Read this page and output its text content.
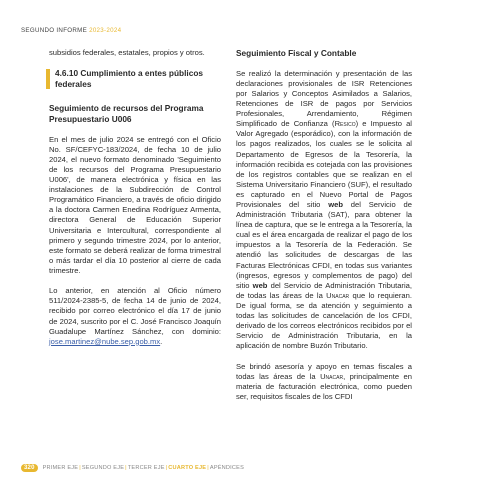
SEGUNDO INFORME 2023-2024

subsidios federales, estatales, propios y otros.

4.6.10 Cumplimiento a entes públicos federales

Seguimiento de recursos del Programa Presupuestario U006

En el mes de julio 2024 se entregó con el Oficio No. SF/CEFYC-183/2024, de fecha 10 de julio 2024, el nuevo formato denominado 'Seguimiento de los recursos del Programa Presupuestario U006', de manera electrónica y física en las instalaciones de la Subdirección de Control Programático Financiero, a través de oficio dirigido a la doctora Carmen Enedina Rodríguez Armenta, directora General de Educación Superior Universitaria e Intercultural, correspondiente al primero y segundo trimestre 2024, por lo anterior, este formato se deberá realizar de forma trimestral o más tardar el día 10 posterior al cierre de cada trimestre.

Lo anterior, en atención al Oficio número 511/2024-2385-5, de fecha 14 de junio de 2024, recibido por correo electrónico el día 17 de junio de 2024, suscrito por el C. José Francisco Joaquín Guadalupe Martínez Sánchez, con dominio: jose.martinez@nube.sep.gob.mx.

Seguimiento Fiscal y Contable

Se realizó la determinación y presentación de las declaraciones provisionales de ISR Retenciones por Salarios y Conceptos Asimilados a Salarios, Retenciones de ISR de pagos por Servicios Profesionales, Arrendamiento, Régimen Simplificado de Confianza (Resico) e Impuesto al Valor Agregado (esporádico), con la información de los pagos realizados, los cuales se le solicita al Departamento de Egresos de la Tesorería, la información recibida es cotejada con las provisiones de los registros contables que se realizan en el Sistema Universitario Financiero (SUF), el resultado es capturado en el Nuevo Portal de Pagos Provisionales del sitio web del Servicio de Administración Tributaria (SAT), para obtener la línea de captura, que se le entrega a la Tesorería, la cual es el área encargada de realizar el pago de los impuestos a la Tesorería de la Federación. Se atendió las solicitudes de descargas de las Facturas Electrónicas CFDI, en todas sus variantes (ingresos, egresos y complementos de pago) del sitio web del Servicio de Administración Tributaria, de todas las áreas de la Unacar que lo requieran. De igual forma, se da atención y seguimiento a todas las solicitudes de cancelación de los CFDI, derivado de los correos electrónicos recibidos por el Servicio de Administración Tributaria, en la aplicación de nombre Buzón Tributario.

Se brindó asesoría y apoyo en temas fiscales a todas las áreas de la Unacar, principalmente en materia de facturación electrónica, como pueden ser, requisitos fiscales de los CFDI

320	PRIMER EJE | SEGUNDO EJE | TERCER EJE | CUARTO EJE | APÉNDICES
